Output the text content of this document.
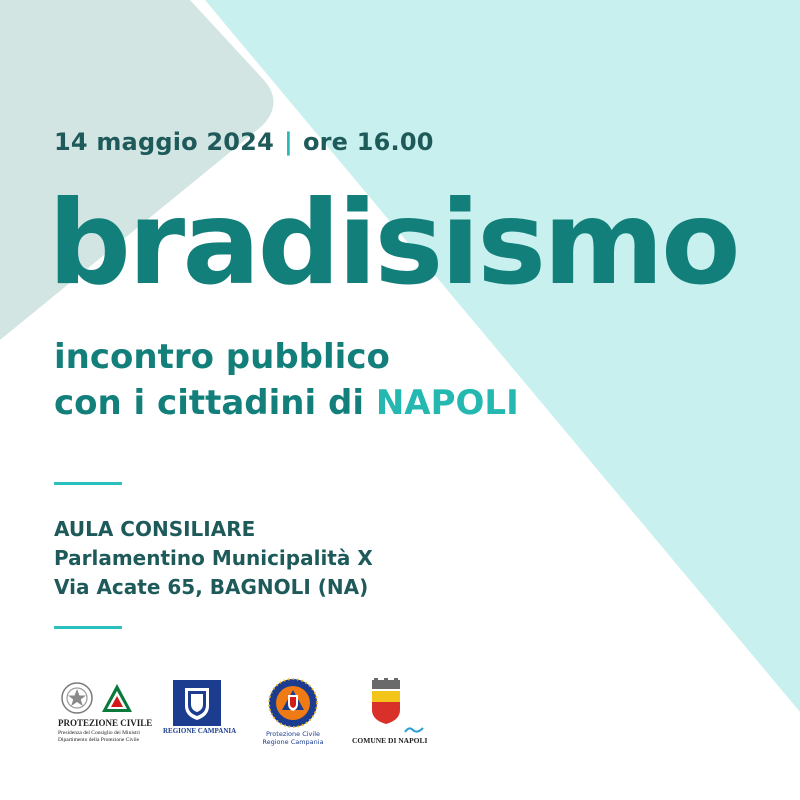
14 maggio 2024 | ore 16.00
bradisismo
incontro pubblico
con i cittadini di NAPOLI
AULA CONSILIARE
Parlamentino Municipalità X
Via Acate 65, BAGNOLI (NA)
PROTEZIONE CIVILE
Presidenza del Consiglio dei Ministri
Dipartimento della Protezione Civile
REGIONE CAMPANIA	Protezione Civile
Regione Campania	COMUNE DI NAPOLI
